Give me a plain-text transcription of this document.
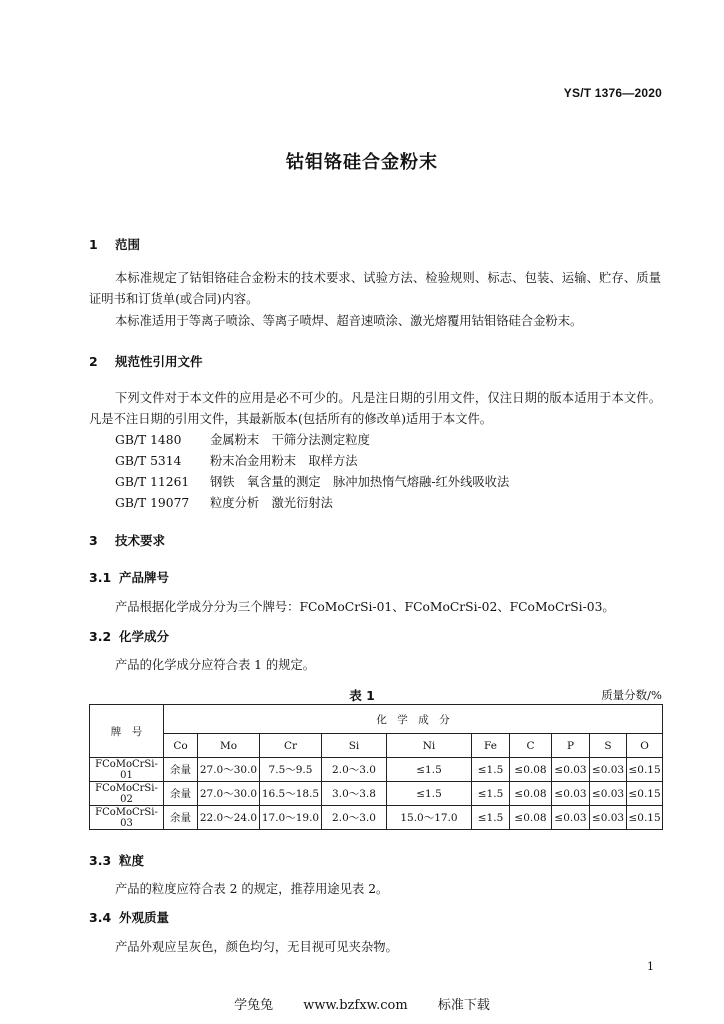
YS/T 1376—2020
钴钼铬硅合金粉末
1 范围
本标准规定了钴钼铬硅合金粉末的技术要求、试验方法、检验规则、标志、包装、运输、贮存、质量证明书和订货单(或合同)内容。
本标准适用于等离子喷涂、等离子喷焊、超音速喷涂、激光熔覆用钴钼铬硅合金粉末。
2 规范性引用文件
下列文件对于本文件的应用是必不可少的。凡是注日期的引用文件，仅注日期的版本适用于本文件。凡是不注日期的引用文件，其最新版本(包括所有的修改单)适用于本文件。
GB/T 1480 金属粉末　干筛分法测定粒度
GB/T 5314 粉末冶金用粉末　取样方法
GB/T 11261 钢铁　氧含量的测定　脉冲加热惰气熔融-红外线吸收法
GB/T 19077 粒度分析　激光衍射法
3 技术要求
3.1 产品牌号
产品根据化学成分分为三个牌号：FCoMoCrSi-01、FCoMoCrSi-02、FCoMoCrSi-03。
3.2 化学成分
产品的化学成分应符合表 1 的规定。
表 1	质量分数/%
牌　号	化　学　成　分									
	Co	Mo	Cr	Si	Ni	Fe	C	P	S	O
FCoMoCrSi-01	余量	27.0～30.0	7.5～9.5	2.0～3.0	≤1.5	≤1.5	≤0.08	≤0.03	≤0.03	≤0.15
FCoMoCrSi-02	余量	27.0～30.0	16.5～18.5	3.0～3.8	≤1.5	≤1.5	≤0.08	≤0.03	≤0.03	≤0.15
FCoMoCrSi-03	余量	22.0～24.0	17.0～19.0	2.0～3.0	15.0～17.0	≤1.5	≤0.08	≤0.03	≤0.03	≤0.15
3.3 粒度
产品的粒度应符合表 2 的规定，推荐用途见表 2。
3.4 外观质量
产品外观应呈灰色，颜色均匀，无目视可见夹杂物。
1
学兔兔 www.bzfxw.com 标准下载
